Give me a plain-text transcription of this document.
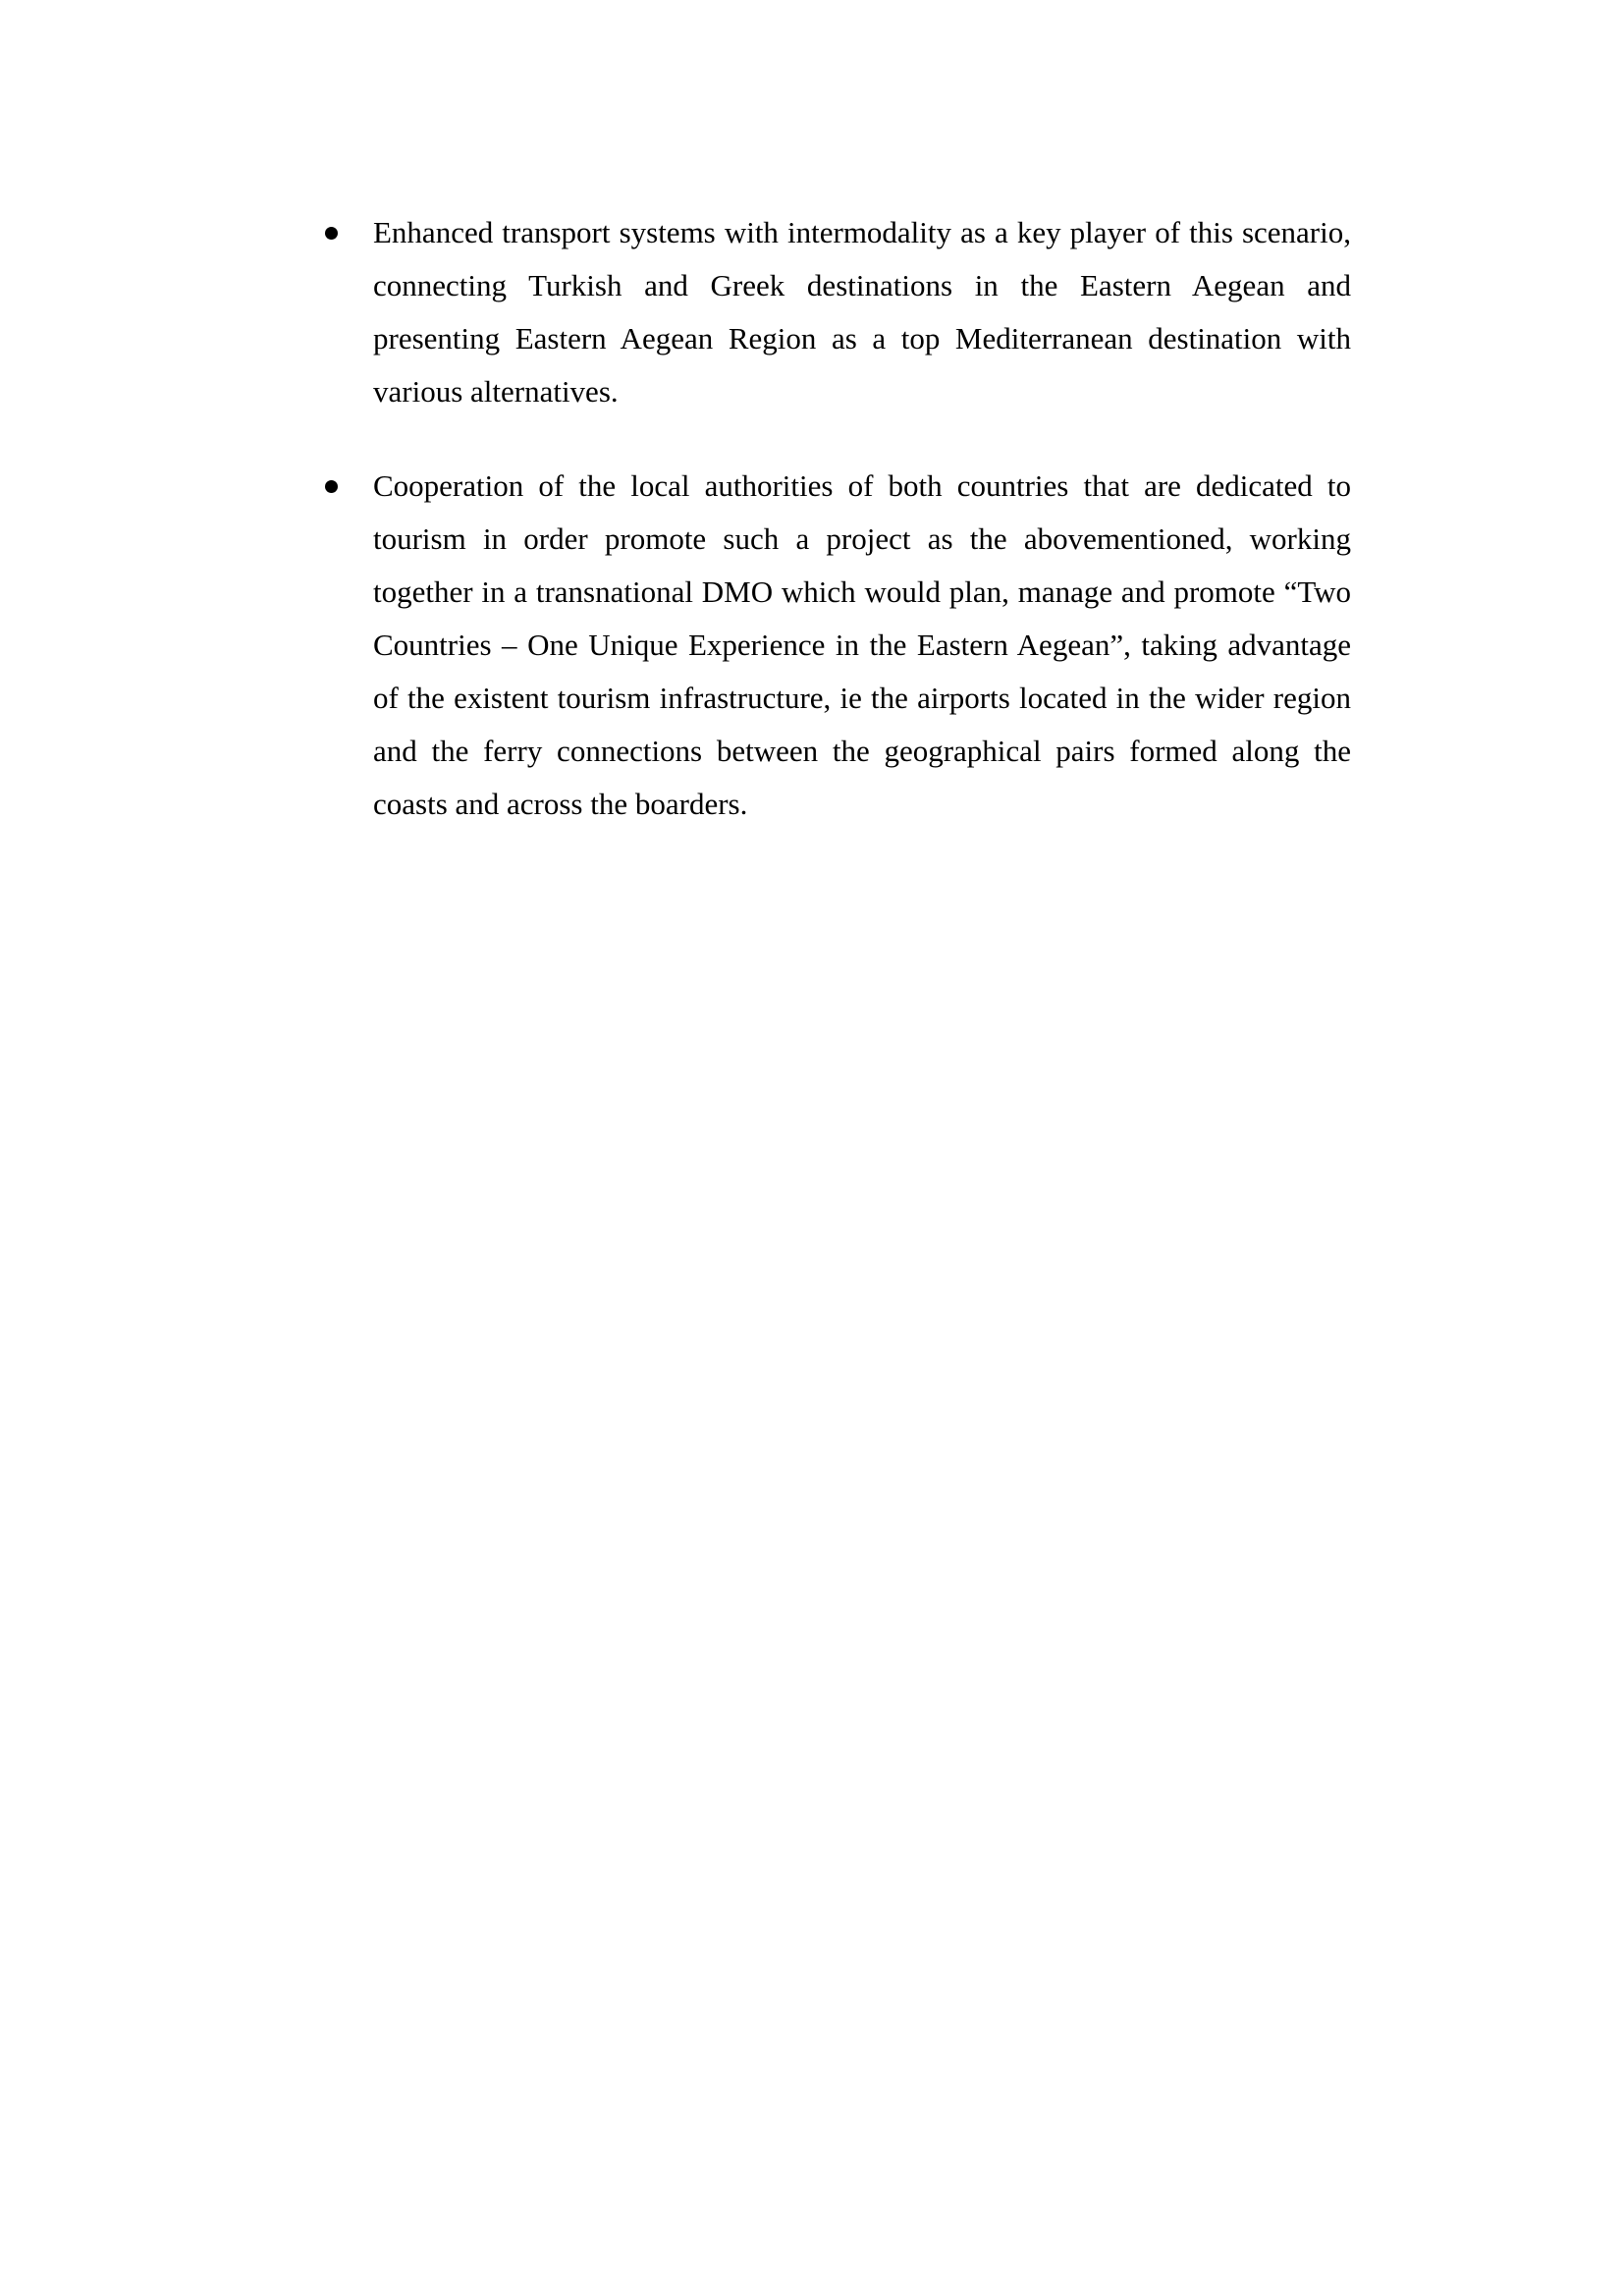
Enhanced transport systems with intermodality as a key player of this scenario, connecting Turkish and Greek destinations in the Eastern Aegean and presenting Eastern Aegean Region as a top Mediterranean destination with various alternatives.
Cooperation of the local authorities of both countries that are dedicated to tourism in order promote such a project as the abovementioned, working together in a transnational DMO which would plan, manage and promote “Two Countries – One Unique Experience in the Eastern Aegean”, taking advantage of the existent tourism infrastructure, ie the airports located in the wider region and the ferry connections between the geographical pairs formed along the coasts and across the boarders.
